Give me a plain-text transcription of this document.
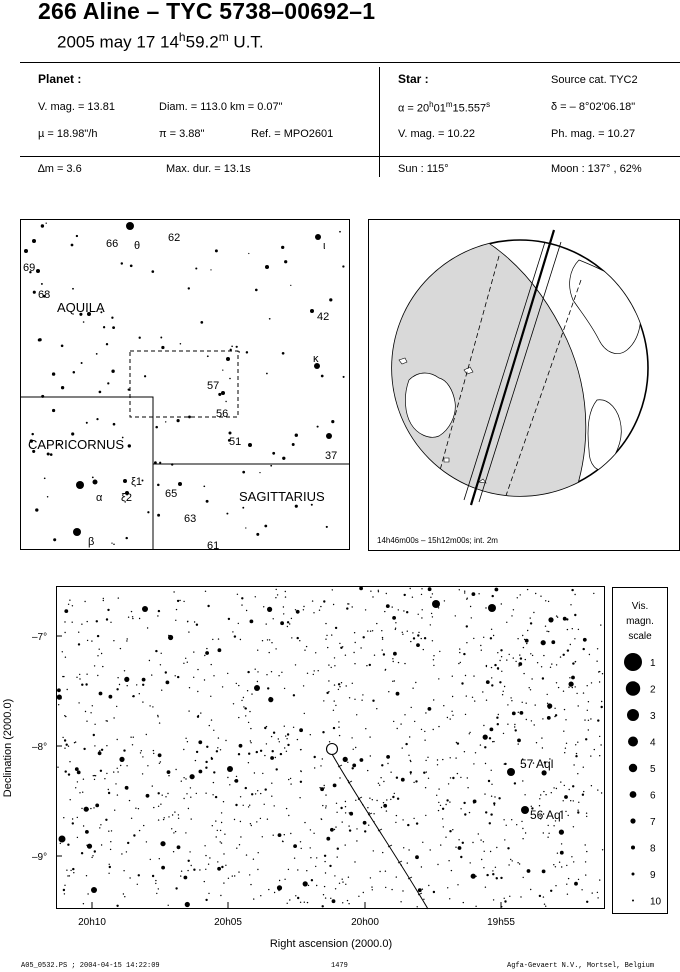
266 Aline – TYC 5738–00692–1
2005 may 17 14$^h$59.2$^m$ U.T.
Planet :
V. mag. = 13.81	Diam. = 113.0 km = 0.07"
µ = 18.98"/h	π = 3.88"	Ref. = MPO2601
∆m = 3.6	Max. dur. = 13.1s
Star :	Source cat. TYC2
$\alpha = 20^h01^m15.557^s$	δ = – 8°02'06.18"
V. mag. = 10.22	Ph. mag. = 10.27
Sun : 115°	Moon : 137° , 62%
AQUILA
CAPRICORNUS
SAGITTARIUS
66 θ
62
ι
69
68
42
κ
57
56
51
37
ξ1
α ξ2	65
63
61
β	14h46m00s – 15h12m00s; int. 2m
–7°
–8°
–9°
20h10	20h05	20h00	19h55
Right ascension (2000.0)
Declination (2000.0)	57 Aql
56 Aql
Vis.
magn.
scale
1
2
3
4
5
6
7
8
9
10
A05_0532.PS ; 2004-04-15 14:22:09	1479	Agfa-Gevaert N.V., Mortsel, Belgium
